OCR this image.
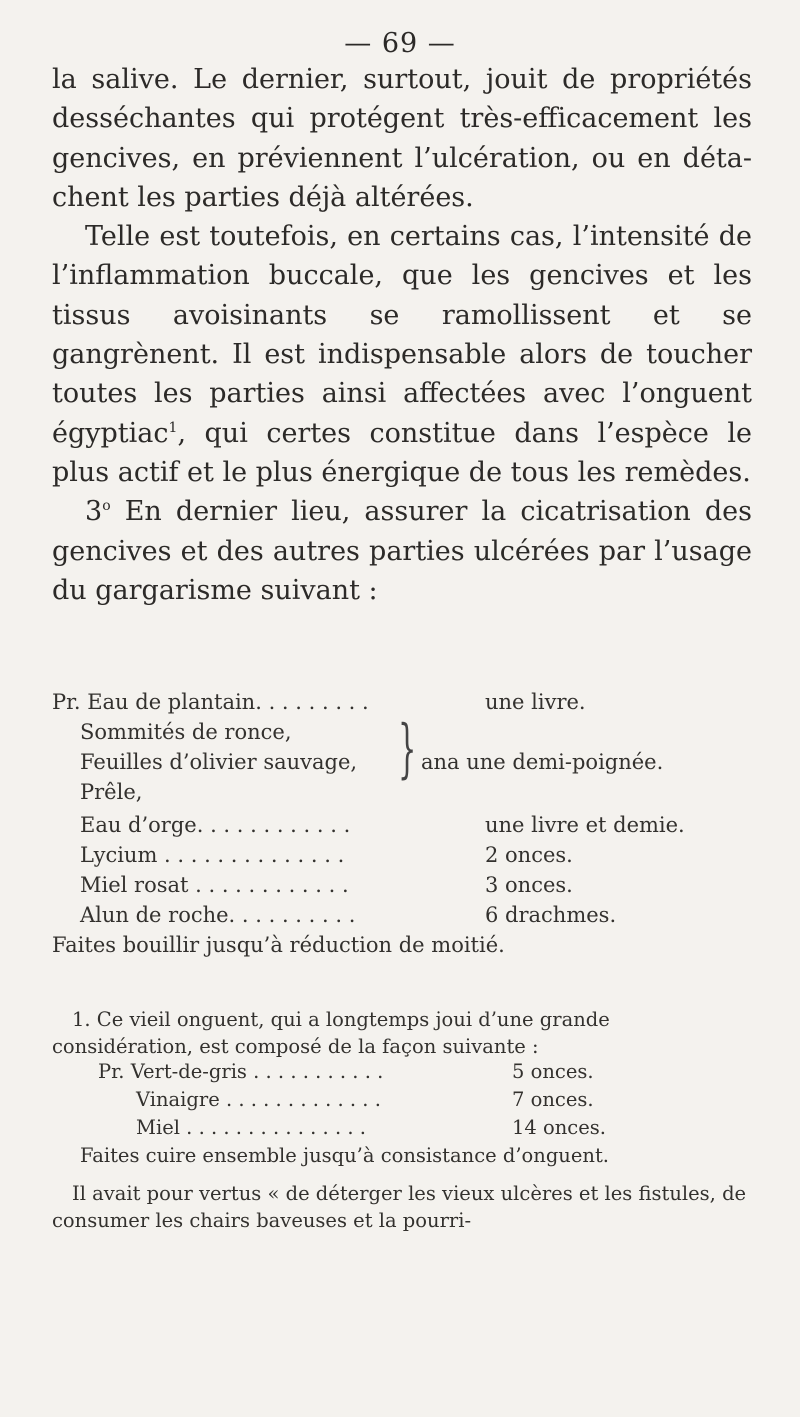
— 69 —

la salive. Le dernier, surtout, jouit de propriétés desséchantes qui protégent très-efficacement les gencives, en préviennent l’ulcération, ou en déta-chent les parties déjà altérées.

Telle est toutefois, en certains cas, l’intensité de l’inflammation buccale, que les gencives et les tissus avoisinants se ramollissent et se gangrènent. Il est indispensable alors de toucher toutes les parties ainsi affectées avec l’onguent égyptiac$^1$, qui certes constitue dans l’espèce le plus actif et le plus énergique de tous les remèdes.

3$^o$ En dernier lieu, assurer la cicatrisation des gencives et des autres parties ulcérées par l’usage du gargarisme suivant :

Pr. Eau de plantain. . . . . . . . .	une livre.
Sommités de ronce,
Feuilles d’olivier sauvage, } ana une demi-poignée.
Prêle,
Eau d’orge. . . . . . . . . . . .	une livre et demie.
Lycium . . . . . . . . . . . . . .	2 onces.
Miel rosat . . . . . . . . . . . .	3 onces.
Alun de roche. . . . . . . . . .	6 drachmes.
Faites bouillir jusqu’à réduction de moitié.
1. Ce vieil onguent, qui a longtemps joui d’une grande considération, est composé de la façon suivante :
Pr. Vert-de-gris . . . . . . . . . . .	5 onces.
Vinaigre . . . . . . . . . . . . .	7 onces.
Miel . . . . . . . . . . . . . . .	14 onces.
Faites cuire ensemble jusqu’à consistance d’onguent.
Il avait pour vertus « de déterger les vieux ulcères et les fistules, de consumer les chairs baveuses et la pourri-
